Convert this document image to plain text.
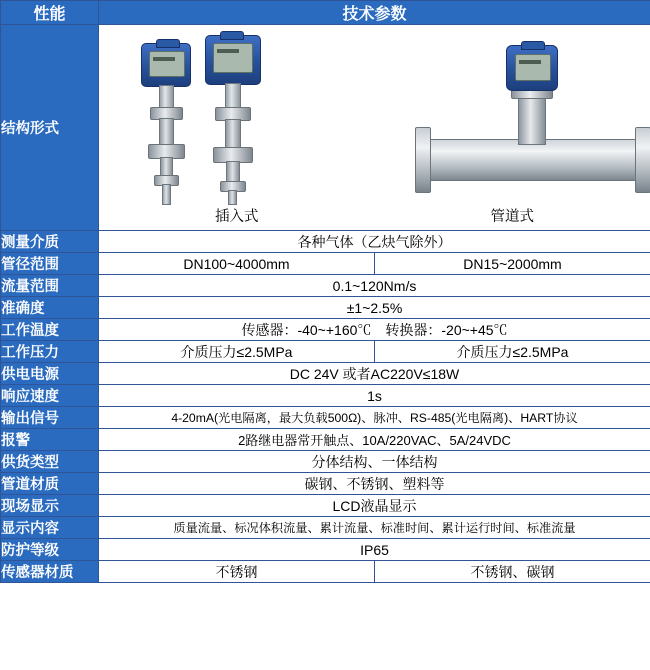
性能	技术参数	
结构形式	插入式 管道式	

测量介质	各种气体（乙炔气除外）	
管径范围	DN100~4000mm	DN15~2000mm
流量范围	0.1~120Nm/s	
准确度	±1~2.5%	
工作温度	传感器：-40~+160℃　转换器：-20~+45℃	
工作压力	介质压力≤2.5MPa	介质压力≤2.5MPa
供电电源	DC 24V 或者AC220V≤18W	
响应速度	1s	
输出信号	4-20mA(光电隔离，最大负载500Ω)、脉冲、RS-485(光电隔离)、HART协议	
报警	2路继电器常开触点、10A/220VAC、5A/24VDC	
供货类型	分体结构、一体结构	
管道材质	碳钢、不锈钢、塑料等	
现场显示	LCD液晶显示	
显示内容	质量流量、标况体积流量、累计流量、标准时间、累计运行时间、标准流量	
防护等级	IP65	
传感器材质	不锈钢	不锈钢、碳钢
